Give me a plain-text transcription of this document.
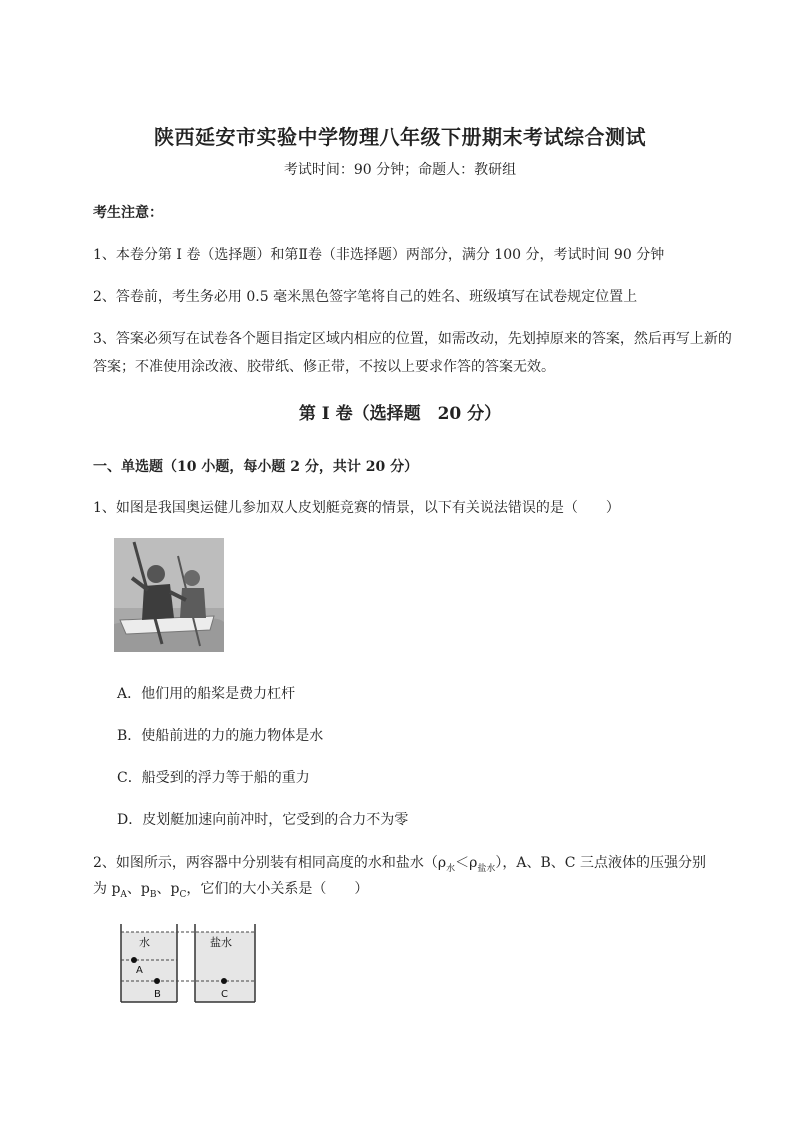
陕西延安市实验中学物理八年级下册期末考试综合测试
考试时间：90 分钟；命题人：教研组
考生注意：
1、本卷分第 I 卷（选择题）和第Ⅱ卷（非选择题）两部分，满分 100 分，考试时间 90 分钟
2、答卷前，考生务必用 0.5 毫米黑色签字笔将自己的姓名、班级填写在试卷规定位置上
3、答案必须写在试卷各个题目指定区域内相应的位置，如需改动，先划掉原来的答案，然后再写上新的答案；不准使用涂改液、胶带纸、修正带，不按以上要求作答的答案无效。
第 I 卷（选择题　20 分）
一、单选题（10 小题，每小题 2 分，共计 20 分）
1、如图是我国奥运健儿参加双人皮划艇竞赛的情景，以下有关说法错误的是（　　）
A．他们用的船桨是费力杠杆
B．使船前进的力的施力物体是水
C．船受到的浮力等于船的重力
D．皮划艇加速向前冲时，它受到的合力不为零
2、如图所示，两容器中分别装有相同高度的水和盐水$(\rho_水<\rho_{盐水})$，A、B、C 三点液体的压强分别
为 $p_A$、$p_B$、$p_C$，它们的大小关系是（　　）
水	盐水
A
B	C
